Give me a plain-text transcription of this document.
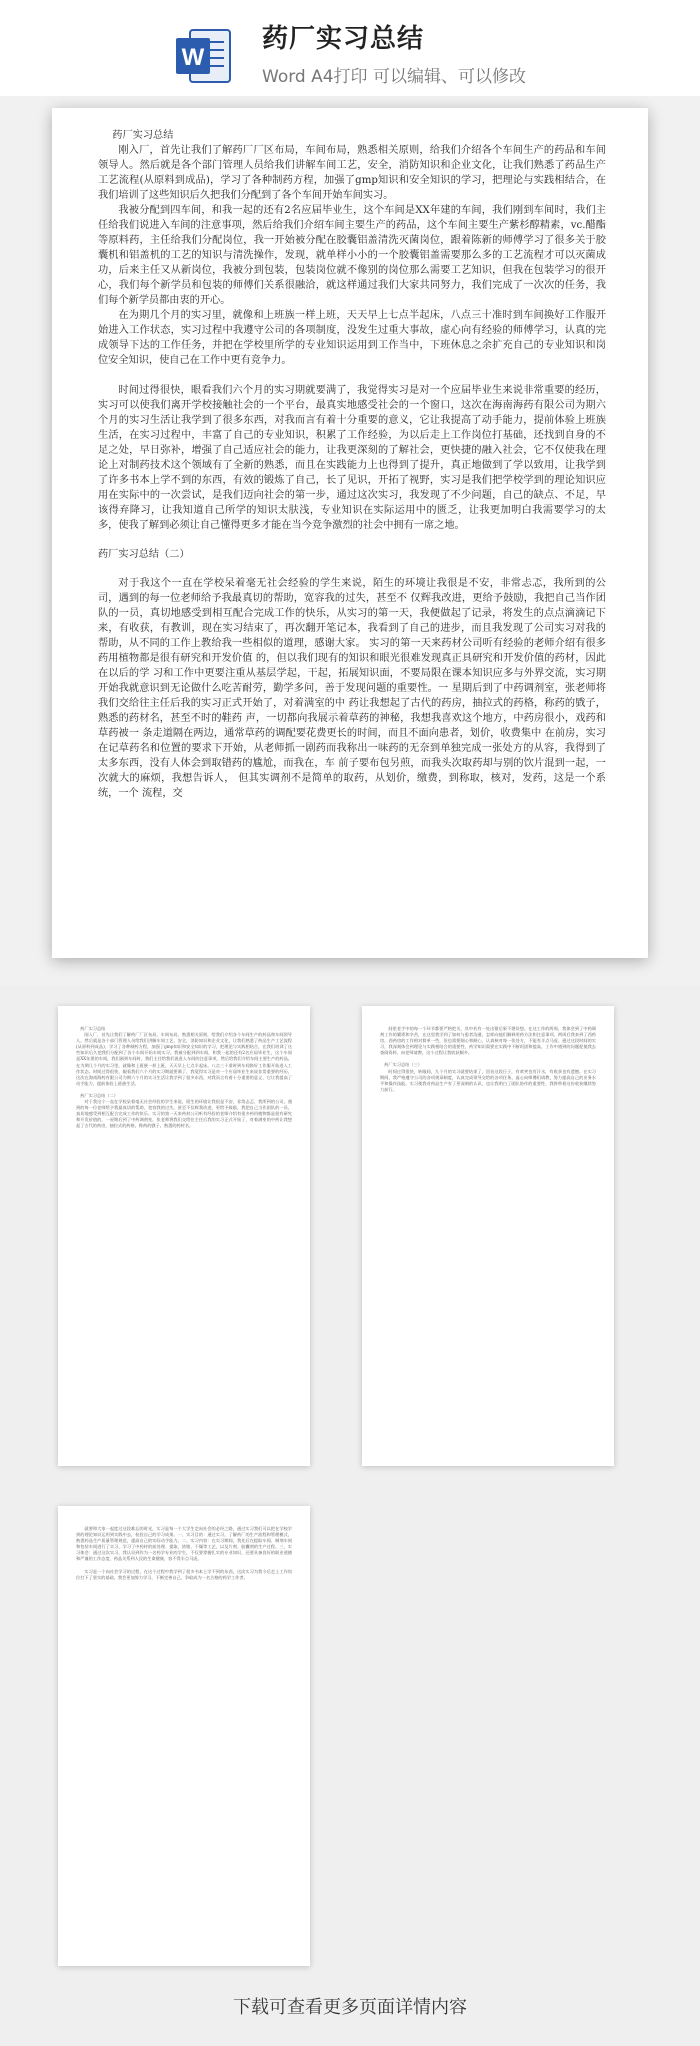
W
药厂实习总结
Word A4打印 可以编辑、可以修改

药厂实习总结

刚入厂，首先让我们了解药厂厂区布局，车间布局，熟悉相关原则，给我们介绍各个车间生产的药品和车间领导人。然后就是各个部门管理人员给我们讲解车间工艺，安全，消防知识和企业文化，让我们熟悉了药品生产工艺流程(从原料到成品)，学习了各种制药方程，加强了gmp知识和安全知识的学习，把理论与实践相结合，在我们培训了这些知识后久把我们分配到了各个车间开始车间实习。

我被分配到四车间，和我一起的还有2名应届毕业生，这个车间是XX年建的车间，我们刚到车间时，我们主任给我们说进入车间的注意事项，然后给我们介绍车间主要生产的药品，这个车间主要生产紫杉醇精素，vc.醋酯等原料药，主任给我们分配岗位，我一开始被分配在胶囊铝盖清洗灭菌岗位，跟着陈新的师傅学习了很多关于胶囊机和铝盖机的工艺的知识与清洗操作，发现，就单样小小的一个胶囊铝盖需要那么多的工艺流程才可以灭菌成功，后来主任又从新岗位，我被分到包装，包装岗位就不像别的岗位那么需要工艺知识，但我在包装学习的很开心，我们每个新学员和包装的师傅们关系很融洽，就这样通过我们大家共同努力，我们完成了一次次的任务，我们每个新学员都由衷的开心。

在为期几个月的实习里，就像和上班族一样上班，天天早上七点半起床，八点三十准时到车间换好工作服开始进入工作状态，实习过程中我遵守公司的各项制度，没发生过重大事故，虚心向有经验的师傅学习，认真的完成领导下达的工作任务，并把在学校里所学的专业知识运用到工作当中，下班休息之余扩充自己的专业知识和岗位安全知识，使自己在工作中更有竞争力。

时间过得很快，眼看我们六个月的实习期就要满了，我觉得实习是对一个应届毕业生来说非常重要的经历，实习可以使我们离开学校接触社会的一个平台，最真实地感受社会的一个窗口，这次在海南海药有限公司为期六个月的实习生活让我学到了很多东西，对我而言有着十分重要的意义，它让我提高了动手能力，提前体验上班族生活，在实习过程中，丰富了自己的专业知识，积累了工作经验，为以后走上工作岗位打基础，还找到自身的不足之处，早日弥补，增强了自己适应社会的能力，让我更深刻的了解社会，更快捷的融入社会，它不仅使我在理论上对制药技术这个领域有了全新的熟悉，而且在实践能力上也得到了提升，真正地做到了学以致用，让我学到了许多书本上学不到的东西，有效的锻炼了自己，长了见识，开拓了视野，实习是我们把学校学到的理论知识应用在实际中的一次尝试，是我们迈向社会的第一步，通过这次实习，我发现了不少问题，自己的缺点、不足，早该得弃降习，让我知道自己所学的知识太肤浅，专业知识在实际运用中的匮乏，让我更加明白我需要学习的太多，使我了解到必须让自己懂得更多才能在当今竞争激烈的社会中拥有一席之地。

药厂实习总结（二）

对于我这个一直在学校呆着毫无社会经验的学生来说，陌生的环境让我很是不安，非常忐忑，我所到的公司，遇到的每一位老师给予我最真切的帮助，宽容我的过失，甚至不 仅辉我改进，更给予鼓励，我把自己当作团队的一员，真切地感受到相互配合完成工作的快乐，从实习的第一天，我便做起了记录，将发生的点点滴滴记下来，有收获，有教训，现在实习结束了，再次翻开笔记本，我看到了自己的进步，而且我发现了公司实习对我的 帮助，从不同的工作上教给我一些相似的道理，感谢大家。 实习的第一天来药材公司听有经验的老师介绍有很多药用植物都是很有研究和开发价值 的，但以我们现有的知识和眼光很难发现真正具研究和开发价值的药材，因此在以后的学 习和工作中更要注重从基层学起，干起，拓展知识面，不要局限在课本知识应多与外界交流，实习期开始我就意识到无论做什么吃苦耐劳，勤学多问，善于发现问题的重要性。一 星期后到了中药调剂室，张老师将我们交给往主任后我的实习正式开始了，对着满室的中 药让我想起了古代的药房，抽拉式的药格，称药的戥子，熟悉的药材名，甚至不时的鞋药 声，一切都向我展示着草药的神秘，我想我喜欢这个地方，中药房很小，戏药和草药被一 条走道隔在两边，通常草药的调配要花费更长的时间，而且不面向患者，划价，收费集中 在前房，实习在记草药名和位置的要求下开始，从老师抓一剧药而我称出一味药的无奈到单独完成一张处方的从容，我得到了太多东西，没有人体会到取错药的尴尬，而我在，车 前子要布包另煎，而我头次取药却与别的饮片混到一起，一次就大的麻烦，我想告诉人， 但其实调剂不是简单的取药，从划价，缴费，到称取，核对，发药，这是一个系统，一个 流程，交

药厂实习总结

刚入厂，首先让我们了解药厂厂区布局，车间布局，熟悉相关原则，给我们介绍各个车间生产的药品和车间领导人。然后就是各个部门管理人员给我们讲解车间工艺，安全，消防知识和企业文化，让我们熟悉了药品生产工艺流程(从原料到成品)，学习了各种制药方程，加强了gmp知识和安全知识的学习，把理论与实践相结合，在我们培训了这些知识后久把我们分配到了各个车间开始车间实习。我被分配到四车间，和我一起的还有2名应届毕业生，这个车间是XX年建的车间，我们刚到车间时，我们主任给我们说进入车间的注意事项，然后给我们介绍车间主要生产的药品。在为期几个月的实习里，就像和上班族一样上班，天天早上七点半起床，八点三十准时到车间换好工作服开始进入工作状态。时间过得很快，眼看我们六个月的实习期就要满了，我觉得实习是对一个应届毕业生来说非常重要的经历，这次在海南海药有限公司为期六个月的实习生活让我学到了很多东西，对我而言有着十分重要的意义，它让我提高了动手能力，提前体验上班族生活。

药厂实习总结（二）

对于我这个一直在学校呆着毫无社会经验的学生来说，陌生的环境让我很是不安，非常忐忑，我所到的公司，遇到的每一位老师给予我最真切的帮助，宽容我的过失，甚至不仅辉我改进，更给予鼓励，我把自己当作团队的一员，真切地感受到相互配合完成工作的快乐。实习的第一天来药材公司听有经验的老师介绍有很多药用植物都是很有研究和开发价值的，一星期后到了中药调剂室，张老师将我们交给往主任后我的实习正式开始了，对着满室的中药让我想起了古代的药房，抽拉式的药格，称药的戥子，熟悉的药材名。

间里老手中的每一个环节都要严格把关，其中若有一处出错后果不堪设想。在这工作的两周，我体会到了中药调剂工作的繁琐和辛苦，在这里我学到了如何与患者沟通，怎样向他们解释用药方法和注意事项。两周后我来到了西药房，西药房的工作相对简单一些，但也需要细心和耐心，认真核对每一张处方，不能有半点马虎。通过这段时间的实习，我深刻体会到理论与实践相结合的重要性，药学知识需要在实践中不断巩固和提高，工作中遇到的问题促使我去查阅资料，向老师请教，这个过程让我收获颇多。

药厂实习总结（三）

时间过得很快，转眼间，九个月的实习就要结束了，回首这段日子，有欢笑也有汗水，有收获也有遗憾。在实习期间，我严格遵守公司的各项规章制度，认真完成领导交给的各项任务，虚心向师傅们请教，努力提高自己的业务水平和操作技能。实习使我对药品生产有了更深刻的认识，也让我明白了团队协作的重要性，我将带着这份收获继续努力前行。

就要和大家一起度过这段难忘的时光，实习是每一个大学生走向社会的必经之路，通过实习我们可以把在学校学到的理论知识运用到实践中去，检验自己的学习成果。一、实习目的：通过实习，了解药厂的生产流程和管理模式，熟悉药品生产质量管理规范，提高自己的实际动手能力。二、实习内容：在实习期间，我先后在提取车间、制剂车间和包装车间进行了实习，学习了中药材的前处理、提取、浓缩、干燥等工艺，以及片剂、胶囊剂的生产过程。三、实习体会：通过这次实习，我认识到作为一名药学专业的学生，不仅要掌握扎实的专业知识，还要具备良好的职业道德和严谨的工作态度，药品关系到人民的生命健康，容不得半点马虎。

实习是一个向社会学习的过程，在这个过程中我学到了很多书本上学不到的东西，这次实习为我今后走上工作岗位打下了坚实的基础，我会更加努力学习，不断完善自己，争取成为一名合格的药学工作者。

下载可查看更多页面详情内容
